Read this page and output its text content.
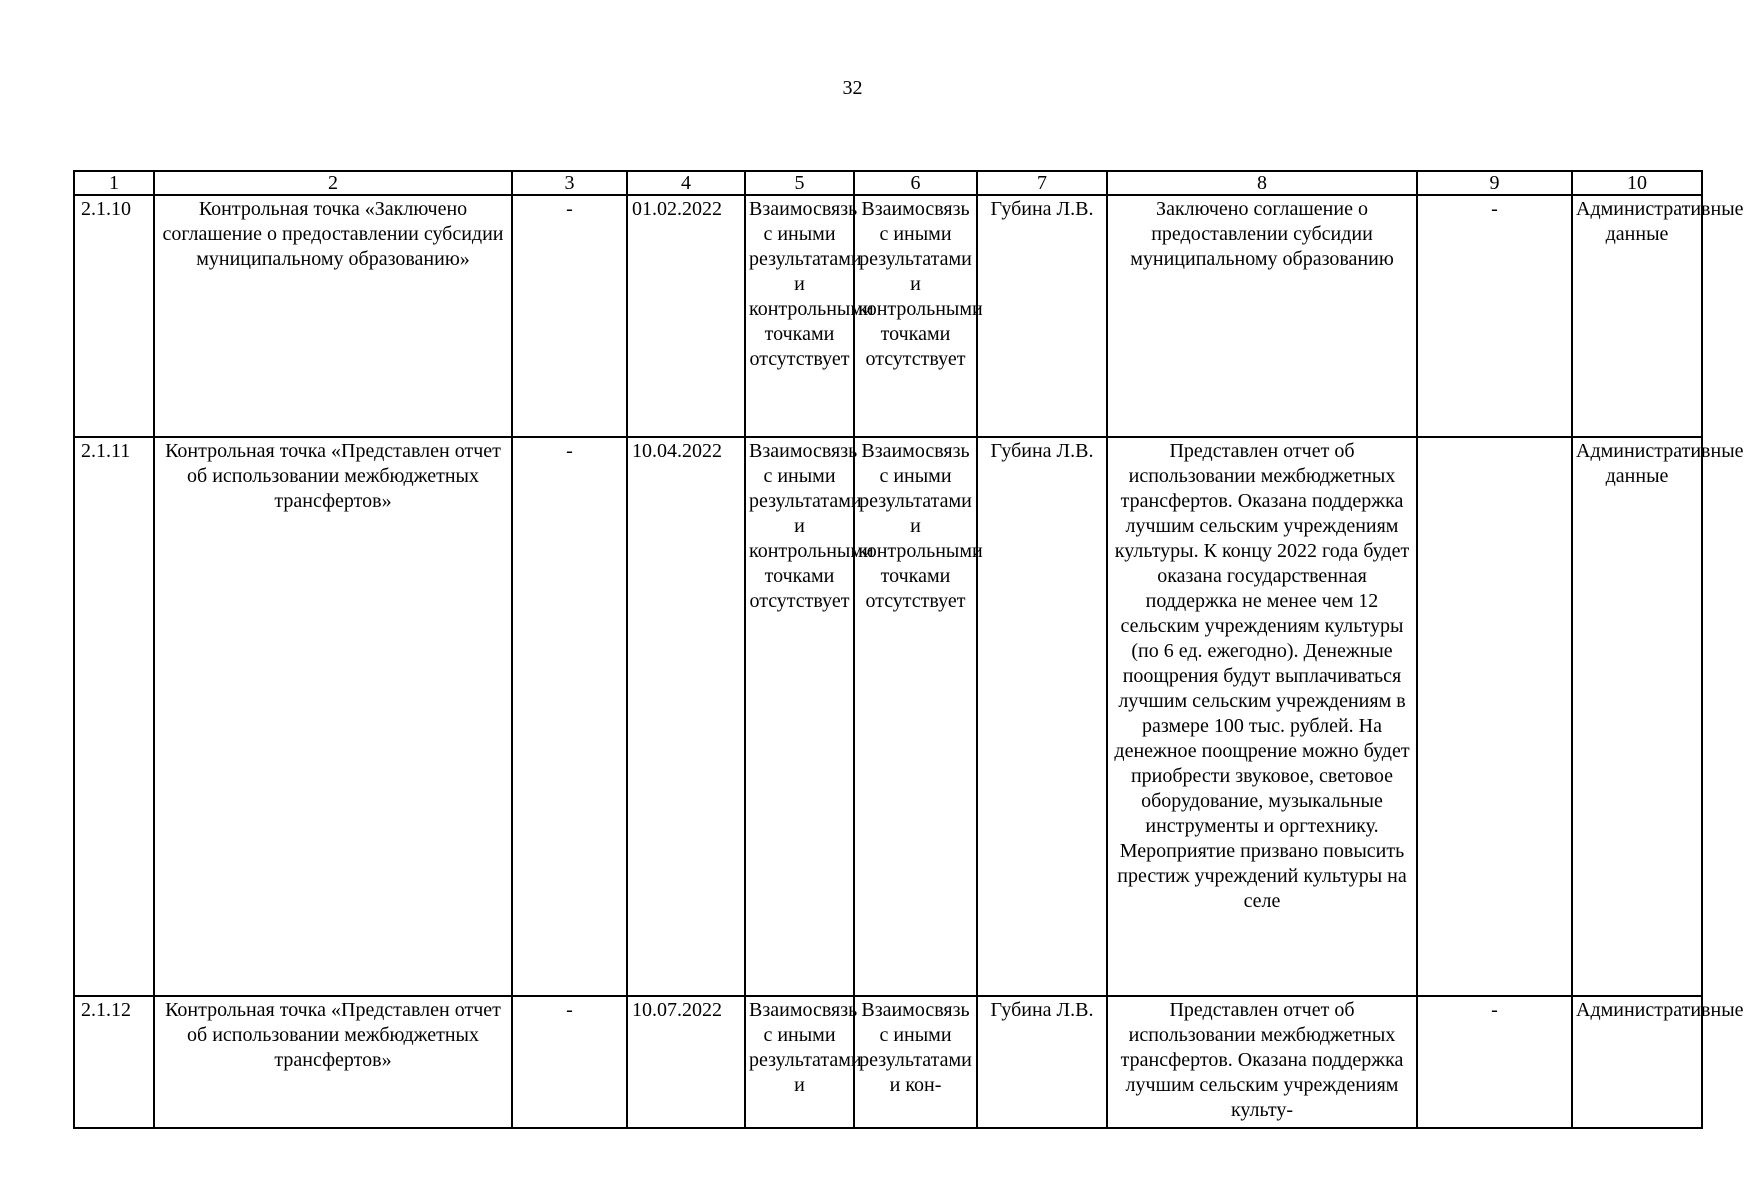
32
1	2	3	4	5	6	7	8	9	10
2.1.10	Контрольная точка «Заключено соглашение о предоставлении субсидии муниципальному образованию»	-	01.02.2022	Взаимосвязь с иными результатами и контрольными точками отсутствует	Взаимосвязь с иными результатами и контрольными точками отсутствует	Губина Л.В.	Заключено соглашение о предоставлении субсидии муниципальному образованию	-	Административные данные
2.1.11	Контрольная точка «Представлен отчет об использовании межбюджетных трансфертов»	-	10.04.2022	Взаимосвязь с иными результатами и контрольными точками отсутствует	Взаимосвязь с иными результатами и контрольными точками отсутствует	Губина Л.В.	Представлен отчет об использовании межбюджетных трансфертов. Оказана поддержка лучшим сельским учреждениям культуры. К концу 2022 года будет оказана государственная поддержка не менее чем 12 сельским учреждениям культуры (по 6 ед. ежегодно). Денежные поощрения будут выплачиваться лучшим сельским учреждениям в размере 100 тыс. рублей. На денежное поощрение можно будет приобрести звуковое, световое оборудование, музыкальные инструменты и оргтехнику. Мероприятие призвано повысить престиж учреждений культуры на селе		Административные данные
2.1.12	Контрольная точка «Представлен отчет об использовании межбюджетных трансфертов»	-	10.07.2022	Взаимосвязь с иными результатами и	Взаимосвязь с иными результатами и кон-	Губина Л.В.	Представлен отчет об использовании межбюджетных трансфертов. Оказана поддержка лучшим сельским учреждениям культу-	-	Административные
